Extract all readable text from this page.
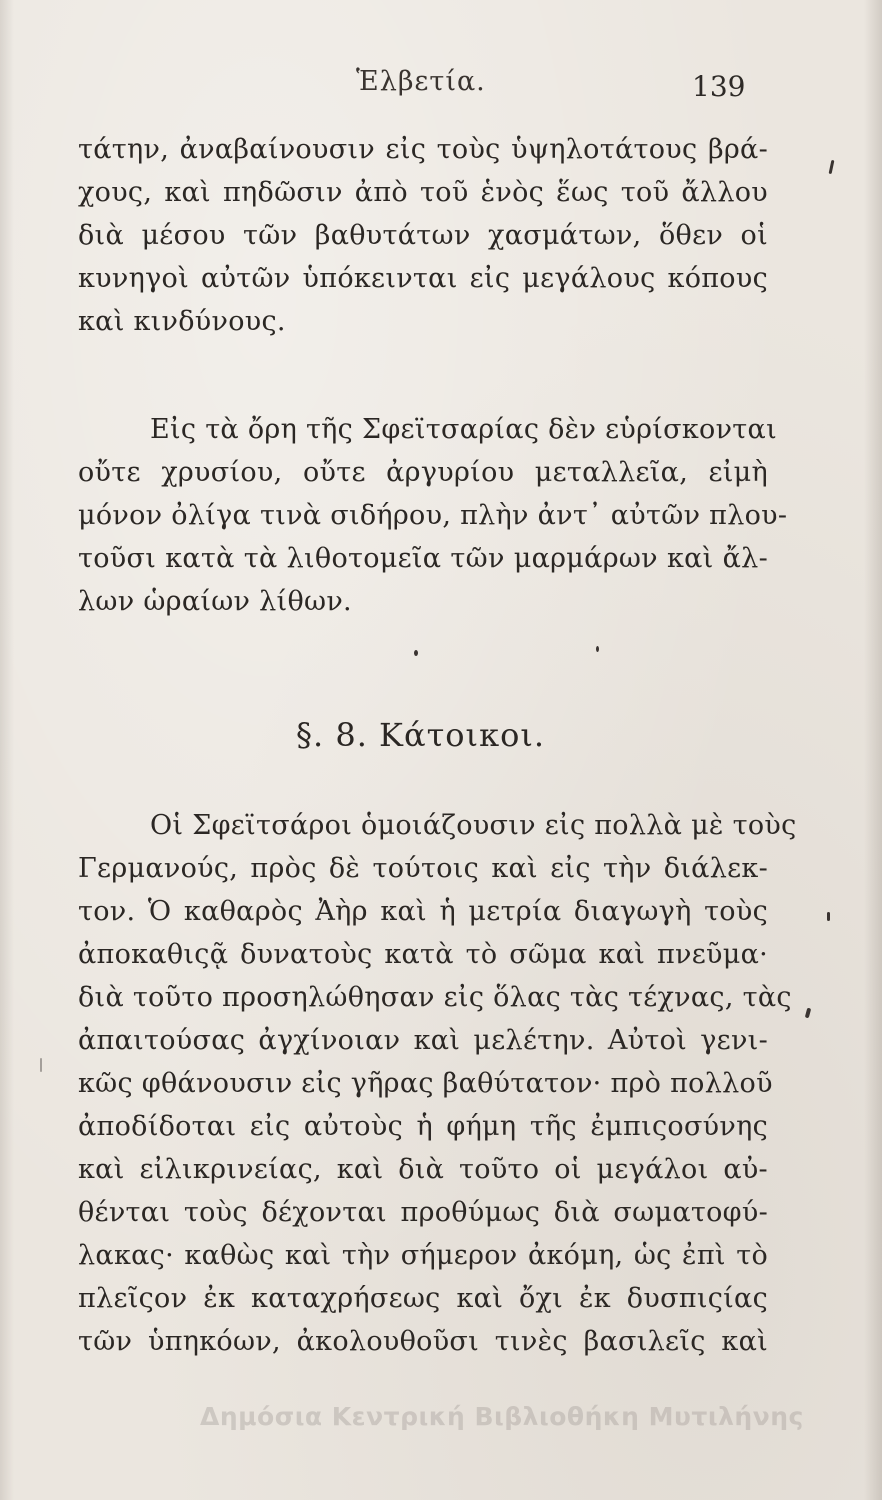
Ἑλβετία.	139
τάτην, ἀναβαίνουσιν εἰς τοὺς ὑψηλοτάτους βρά-
χους, καὶ πηδῶσιν ἀπὸ τοῦ ἑνὸς ἕως τοῦ ἄλλου
διὰ μέσου τῶν βαθυτάτων χασμάτων, ὅθεν οἱ
κυνηγοὶ αὐτῶν ὑπόκεινται εἰς μεγάλους κόπους
καὶ κινδύνους.
Εἰς τὰ ὄρη τῆς Σφεϊτσαρίας δὲν εὑρίσκονται
οὔτε χρυσίου, οὔτε ἀργυρίου μεταλλεῖα, εἰμὴ
μόνον ὀλίγα τινὰ σιδήρου, πλὴν ἀντ᾽ αὐτῶν πλου-
τοῦσι κατὰ τὰ λιθοτομεῖα τῶν μαρμάρων καὶ ἄλ-
λων ὡραίων λίθων.
§. 8. Κάτοικοι.
Οἱ Σφεϊτσάροι ὁμοιάζουσιν εἰς πολλὰ μὲ τοὺς
Γερμανούς, πρὸς δὲ τούτοις καὶ εἰς τὴν διάλεκ-
τον. Ὁ καθαρὸς Ἀὴρ καὶ ἡ μετρία διαγωγὴ τοὺς
ἀποκαθιςᾷ δυνατοὺς κατὰ τὸ σῶμα καὶ πνεῦμα·
διὰ τοῦτο προσηλώθησαν εἰς ὅλας τὰς τέχνας, τὰς
ἀπαιτούσας ἀγχίνοιαν καὶ μελέτην. Αὐτοὶ γενι-
κῶς φθάνουσιν εἰς γῆρας βαθύτατον· πρὸ πολλοῦ
ἀποδίδοται εἰς αὐτοὺς ἡ φήμη τῆς ἐμπιςοσύνης
καὶ εἰλικρινείας, καὶ διὰ τοῦτο οἱ μεγάλοι αὐ-
θένται τοὺς δέχονται προθύμως διὰ σωματοφύ-
λακας· καθὼς καὶ τὴν σήμερον ἀκόμη, ὡς ἐπὶ τὸ
πλεῖςον ἐκ καταχρήσεως καὶ ὄχι ἐκ δυσπιςίας
τῶν ὑπηκόων, ἀκολουθοῦσι τινὲς βασιλεῖς καὶ
Δημόσια Κεντρική Βιβλιοθήκη Μυτιλήνης
